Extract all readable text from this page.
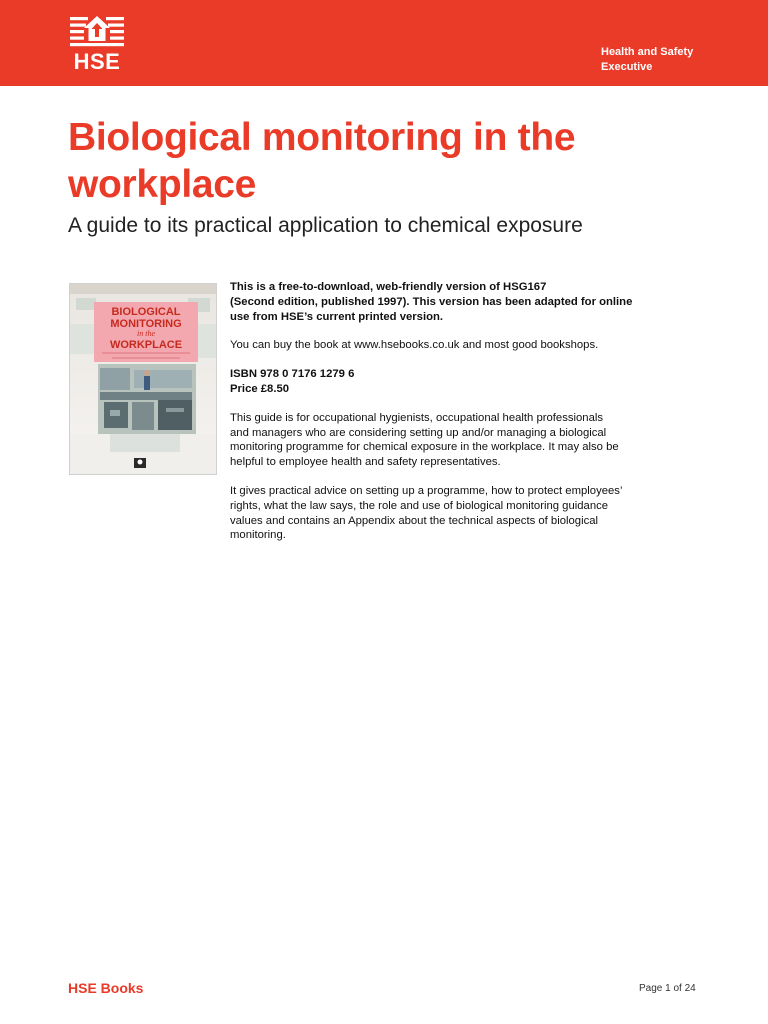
HSE	Health and Safety
Executive
Biological monitoring in the workplace
A guide to its practical application to chemical exposure
BIOLOGICAL
MONITORING
in the
WORKPLACE

This is a free-to-download, web-friendly version of HSG167
(Second edition, published 1997). This version has been adapted for online
use from HSE’s current printed version.

You can buy the book at www.hsebooks.co.uk and most good bookshops.

ISBN 978 0 7176 1279 6
Price £8.50

This guide is for occupational hygienists, occupational health professionals
and managers who are considering setting up and/or managing a biological
monitoring programme for chemical exposure in the workplace. It may also be
helpful to employee health and safety representatives.

It gives practical advice on setting up a programme, how to protect employees’
rights, what the law says, the role and use of biological monitoring guidance
values and contains an Appendix about the technical aspects of biological
monitoring.

HSE Books	Page 1 of 24
